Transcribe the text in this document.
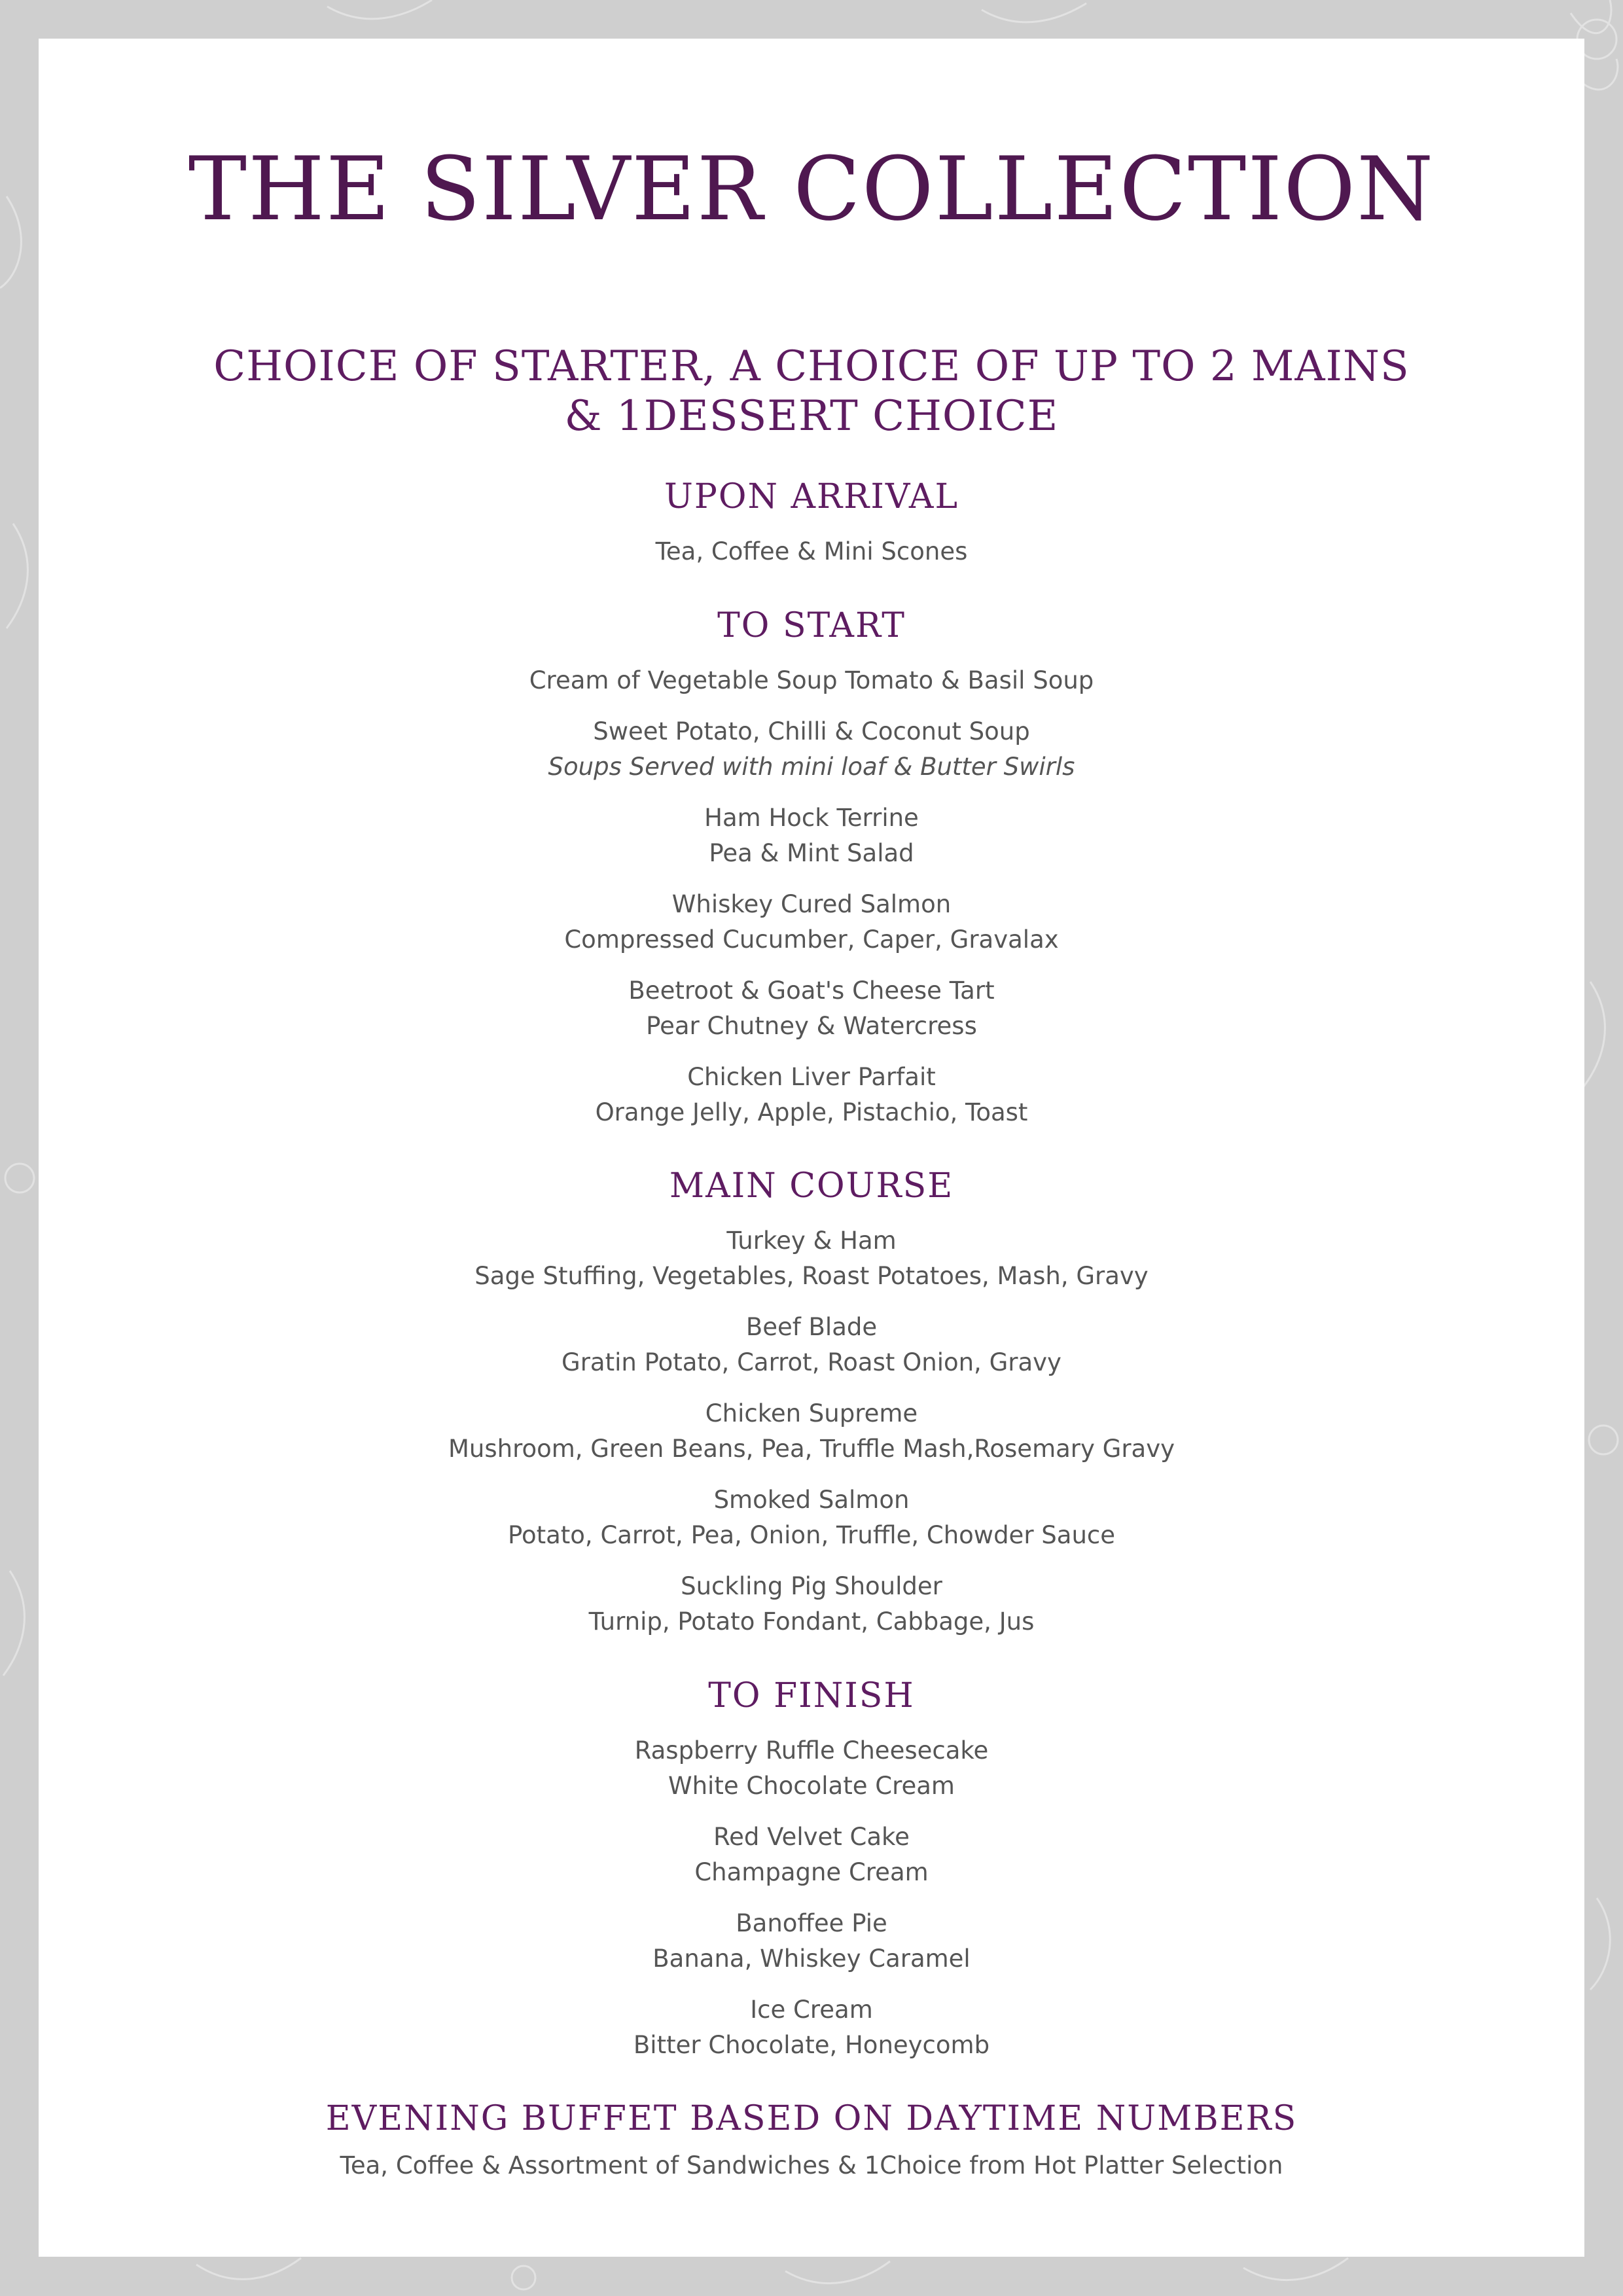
THE SILVER COLLECTION
CHOICE OF STARTER, A CHOICE OF UP TO 2 MAINS
& 1DESSERT CHOICE
UPON ARRIVAL
Tea, Coffee & Mini Scones
TO START
Cream of Vegetable Soup Tomato & Basil Soup
Sweet Potato, Chilli & Coconut Soup
Soups Served with mini loaf & Butter Swirls
Ham Hock Terrine
Pea & Mint Salad
Whiskey Cured Salmon
Compressed Cucumber, Caper, Gravalax
Beetroot & Goat's Cheese Tart
Pear Chutney & Watercress
Chicken Liver Parfait
Orange Jelly, Apple, Pistachio, Toast
MAIN COURSE
Turkey & Ham
Sage Stuffing, Vegetables, Roast Potatoes, Mash, Gravy
Beef Blade
Gratin Potato, Carrot, Roast Onion, Gravy
Chicken Supreme
Mushroom, Green Beans, Pea, Truffle Mash,Rosemary Gravy
Smoked Salmon
Potato, Carrot, Pea, Onion, Truffle, Chowder Sauce
Suckling Pig Shoulder
Turnip, Potato Fondant, Cabbage, Jus
TO FINISH
Raspberry Ruffle Cheesecake
White Chocolate Cream
Red Velvet Cake
Champagne Cream
Banoffee Pie
Banana, Whiskey Caramel
Ice Cream
Bitter Chocolate, Honeycomb
EVENING BUFFET BASED ON DAYTIME NUMBERS
Tea, Coffee & Assortment of Sandwiches & 1Choice from Hot Platter Selection
